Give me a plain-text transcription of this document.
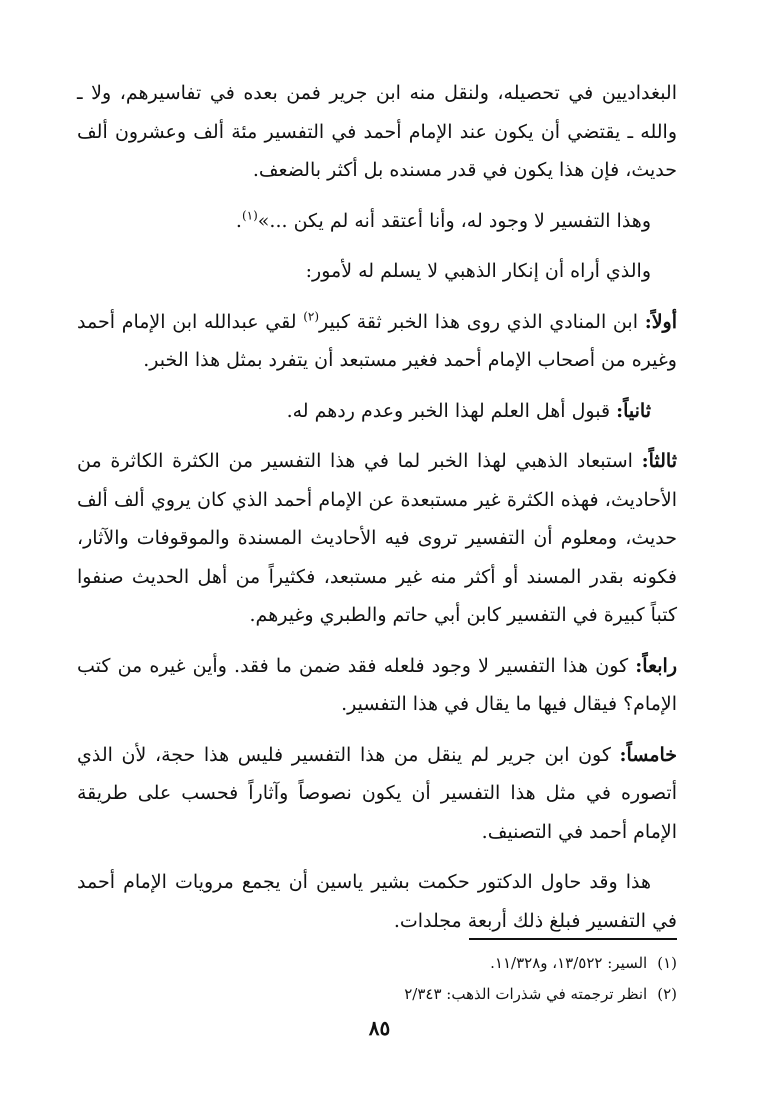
البغداديين في تحصيله، ولنقل منه ابن جرير فمن بعده في تفاسيرهم، ولا ـ والله ـ يقتضي أن يكون عند الإمام أحمد في التفسير مئة ألف وعشرون ألف حديث، فإن هذا يكون في قدر مسنده بل أكثر بالضعف.

وهذا التفسير لا وجود له، وأنا أعتقد أنه لم يكن ...»$^{(١)}$.

والذي أراه أن إنكار الذهبي لا يسلم له لأمور:

أولاً: ابن المنادي الذي روى هذا الخبر ثقة كبير$^{(٢)}$ لقي عبدالله ابن الإمام أحمد وغيره من أصحاب الإمام أحمد فغير مستبعد أن يتفرد بمثل هذا الخبر.

ثانياً: قبول أهل العلم لهذا الخبر وعدم ردهم له.

ثالثاً: استبعاد الذهبي لهذا الخبر لما في هذا التفسير من الكثرة الكاثرة من الأحاديث، فهذه الكثرة غير مستبعدة عن الإمام أحمد الذي كان يروي ألف ألف حديث، ومعلوم أن التفسير تروى فيه الأحاديث المسندة والموقوفات والآثار، فكونه بقدر المسند أو أكثر منه غير مستبعد، فكثيراً من أهل الحديث صنفوا كتباً كبيرة في التفسير كابن أبي حاتم والطبري وغيرهم.

رابعاً: كون هذا التفسير لا وجود فلعله فقد ضمن ما فقد. وأين غيره من كتب الإمام؟ فيقال فيها ما يقال في هذا التفسير.

خامساً: كون ابن جرير لم ينقل من هذا التفسير فليس هذا حجة، لأن الذي أتصوره في مثل هذا التفسير أن يكون نصوصاً وآثاراً فحسب على طريقة الإمام أحمد في التصنيف.

هذا وقد حاول الدكتور حكمت بشير ياسين أن يجمع مرويات الإمام أحمد في التفسير فبلغ ذلك أربعة مجلدات.

(١)السير: ١٣/٥٢٢، و١١/٣٢٨.
(٢)انظر ترجمته في شذرات الذهب: ٢/٣٤٣
٨٥
